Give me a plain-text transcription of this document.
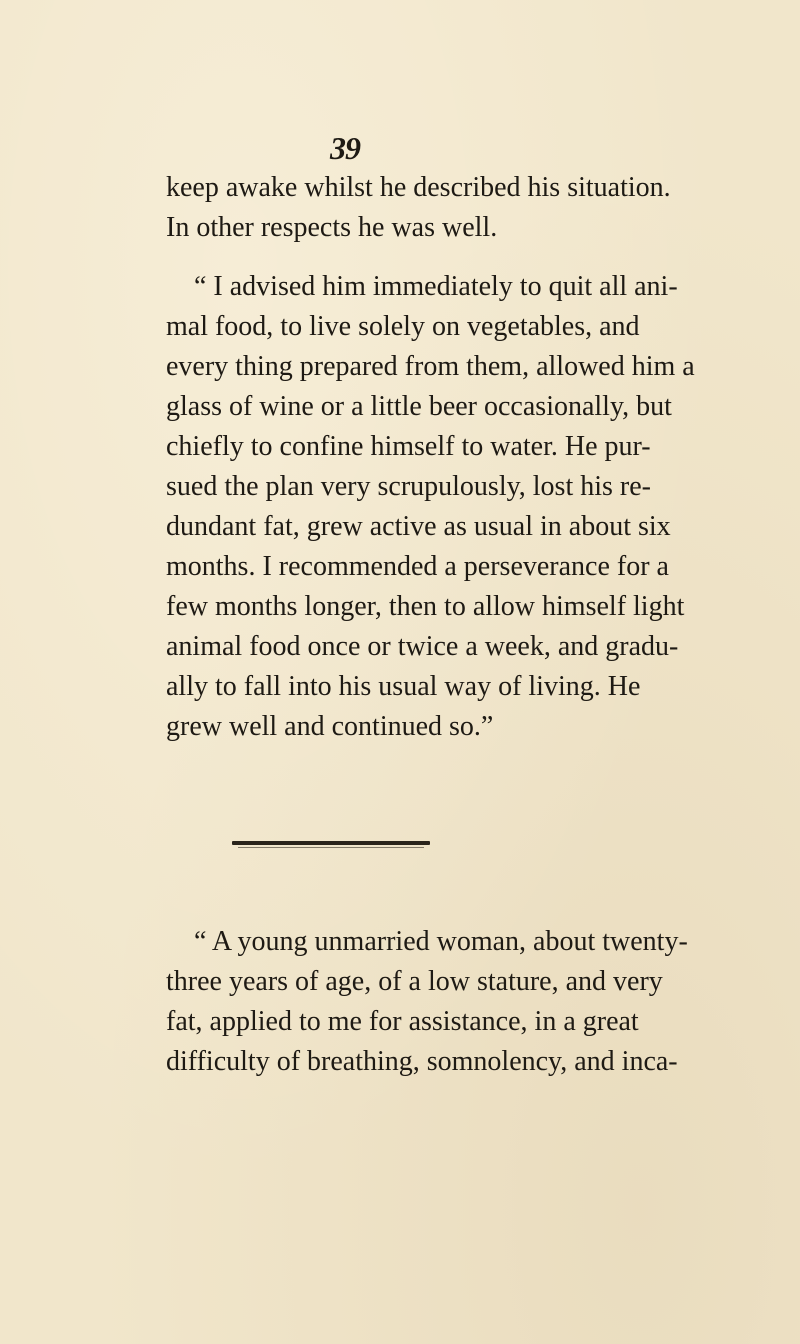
39
keep awake whilst he described his situation.
In other respects he was well.
“ I advised him immediately to quit all ani-
mal food, to live solely on vegetables, and
every thing prepared from them, allowed him a
glass of wine or a little beer occasionally, but
chiefly to confine himself to water. He pur-
sued the plan very scrupulously, lost his re-
dundant fat, grew active as usual in about six
months. I recommended a perseverance for a
few months longer, then to allow himself light
animal food once or twice a week, and gradu-
ally to fall into his usual way of living. He
grew well and continued so.”
“ A young unmarried woman, about twenty-
three years of age, of a low stature, and very
fat, applied to me for assistance, in a great
difficulty of breathing, somnolency, and inca-
